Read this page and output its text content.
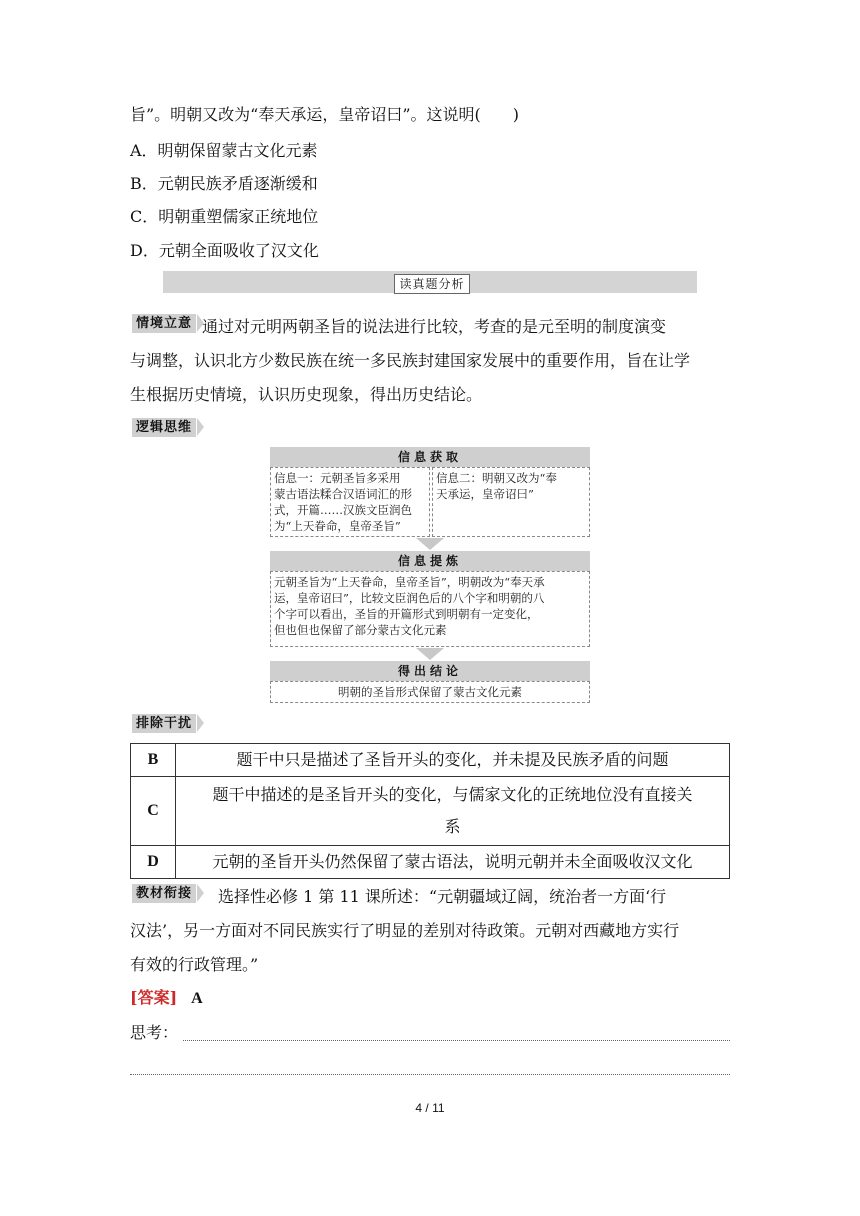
旨”。明朝又改为“奉天承运，皇帝诏曰”。这说明(　　)
A．明朝保留蒙古文化元素
B．元朝民族矛盾逐渐缓和
C．明朝重塑儒家正统地位
D．元朝全面吸收了汉文化
读真题分析
情境立意 通过对元明两朝圣旨的说法进行比较，考查的是元至明的制度演变
与调整，认识北方少数民族在统一多民族封建国家发展中的重要作用，旨在让学
生根据历史情境，认识历史现象，得出历史结论。
逻辑思维
信息获取
信息一：元朝圣旨多采用
蒙古语法糅合汉语词汇的形
式，开篇……汉族文臣润色
为“上天眷命，皇帝圣旨”
信息二：明朝又改为“奉
天承运，皇帝诏曰”
信息提炼
元朝圣旨为“上天眷命，皇帝圣旨”，明朝改为“奉天承
运，皇帝诏曰”，比较文臣润色后的八个字和明朝的八
个字可以看出，圣旨的开篇形式到明朝有一定变化，
但也但也保留了部分蒙古文化元素
得出结论
明朝的圣旨形式保留了蒙古文化元素
排除干扰
B	题干中只是描述了圣旨开头的变化，并未提及民族矛盾的问题
C	题干中描述的是圣旨开头的变化，与儒家文化的正统地位没有直接关
系

D	元朝的圣旨开头仍然保留了蒙古语法，说明元朝并未全面吸收汉文化
教材衔接	选择性必修 1 第 11 课所述：“元朝疆域辽阔，统治者一方面‘行
汉法’，另一方面对不同民族实行了明显的差别对待政策。元朝对西藏地方实行
有效的行政管理。”
[答案] A
思考：
4 / 11
